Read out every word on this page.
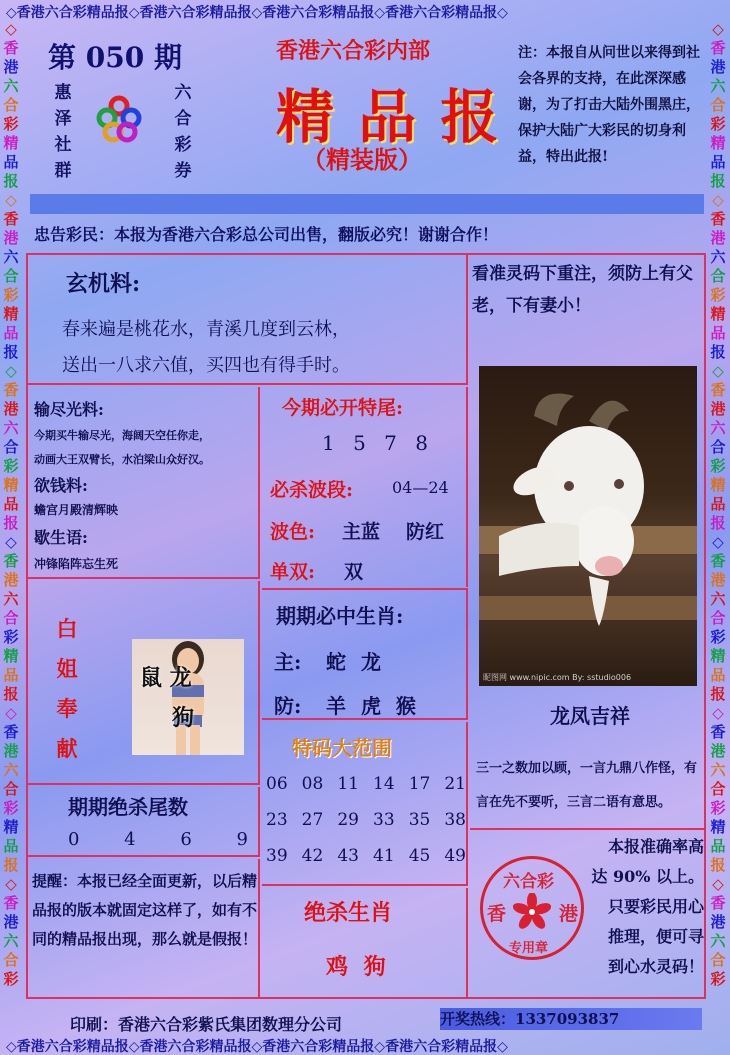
◇香港六合彩精品报◇香港六合彩精品报◇香港六合彩精品报◇香港六合彩精品报◇
◇香港六合彩精品报◇香港六合彩精品报◇香港六合彩精品报◇香港六合彩精品报◇
◇
香
港
六
合
彩
精
品
报
◇
香
港
六
合
彩
精
品
报
◇
香
港
六
合
彩
精
品
报
◇
香
港
六
合
彩
精
品
报
◇
香
港
六
合
彩
精
品
报
◇
香
港
六
合
彩
◇
香
港
六
合
彩
精
品
报
◇
香
港
六
合
彩
精
品
报
◇
香
港
六
合
彩
精
品
报
◇
香
港
六
合
彩
精
品
报
◇
香
港
六
合
彩
精
品
报
◇
香
港
六
合
彩
第 050 期
惠
泽
社
群
六
合
彩
券
香港六合彩内部
精 品 报
（精装版）
注：本报自从问世以来得到社会各界的支持，在此深深感谢，为了打击大陆外围黑庄，保护大陆广大彩民的切身利益，特出此报!
忠告彩民：本报为香港六合彩总公司出售，翻版必究！谢谢合作！
玄机料:
春来遍是桃花水，青溪几度到云林，
送出一八求六值，买四也有得手时。
看准灵码下重注，须防上有父老，下有妻小！
昵图网 www.nipic.com By: sstudio006
输尽光料:
今期买牛输尽光，海阔天空任你走，
动画大王双臂长，水泊梁山众好汉。
欲钱料:
蟾宫月殿清辉映
歇生语:
冲锋陷阵忘生死
今期必开特尾:
1 5 7 8
必杀波段: 04—24
波色: 主蓝 防红
单双: 双
期期必中生肖:
主: 蛇 龙
防: 羊 虎 猴
白
姐
奉
献
鼠 龙
狗
特码大范围
06 08 11 14 17 21
23 27 29 33 35 38
39 42 43 41 45 49
期期绝杀尾数
0 4 6 9
提醒：本报已经全面更新，以后精品报的版本就固定这样了，如有不同的精品报出现，那么就是假报！
绝杀生肖
鸡 狗
龙凤吉祥
三一之数加以顾，一言九鼎八作怪，有言在先不要听，三言二语有意思。
六合彩
香	港
专用章
本报准确率高
达 90% 以上。
只要彩民用心
推理，便可寻
到心水灵码！
印刷：香港六合彩紫氏集团数理分公司	开奖热线：1337093837
